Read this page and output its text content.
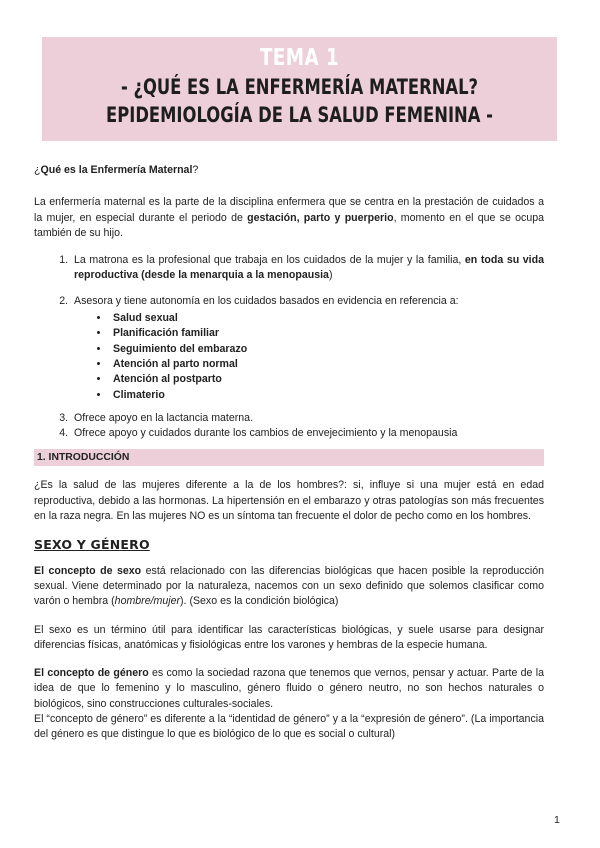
TEMA 1
- ¿QUÉ ES LA ENFERMERÍA MATERNAL?
EPIDEMIOLOGÍA DE LA SALUD FEMENINA -

¿Qué es la Enfermería Maternal?

La enfermería maternal es la parte de la disciplina enfermera que se centra en la prestación de cuidados a la mujer, en especial durante el periodo de gestación, parto y puerperio, momento en el que se ocupa también de su hijo.

1. La matrona es la profesional que trabaja en los cuidados de la mujer y la familia, en toda su vida reproductiva (desde la menarquia a la menopausia)
2. Asesora y tiene autonomía en los cuidados basados en evidencia en referencia a:
• Salud sexual
• Planificación familiar
• Seguimiento del embarazo
• Atención al parto normal
• Atención al postparto
• Climaterio
3. Ofrece apoyo en la lactancia materna.
4. Ofrece apoyo y cuidados durante los cambios de envejecimiento y la menopausia
1. INTRODUCCIÓN

¿Es la salud de las mujeres diferente a la de los hombres?: si, influye si una mujer está en edad reproductiva, debido a las hormonas. La hipertensión en el embarazo y otras patologías son más frecuentes en la raza negra. En las mujeres NO es un síntoma tan frecuente el dolor de pecho como en los hombres.

SEXO Y GÉNERO

El concepto de sexo está relacionado con las diferencias biológicas que hacen posible la reproducción sexual. Viene determinado por la naturaleza, nacemos con un sexo definido que solemos clasificar como varón o hembra (hombre/mujer). (Sexo es la condición biológica)

El sexo es un término útil para identificar las características biológicas, y suele usarse para designar diferencias físicas, anatómicas y fisiológicas entre los varones y hembras de la especie humana.

El concepto de género es como la sociedad razona que tenemos que vernos, pensar y actuar. Parte de la idea de que lo femenino y lo masculino, género fluido o género neutro, no son hechos naturales o biológicos, sino construcciones culturales-sociales.

El “concepto de género” es diferente a la “identidad de género” y a la “expresión de género”. (La importancia del género es que distingue lo que es biológico de lo que es social o cultural)

1
